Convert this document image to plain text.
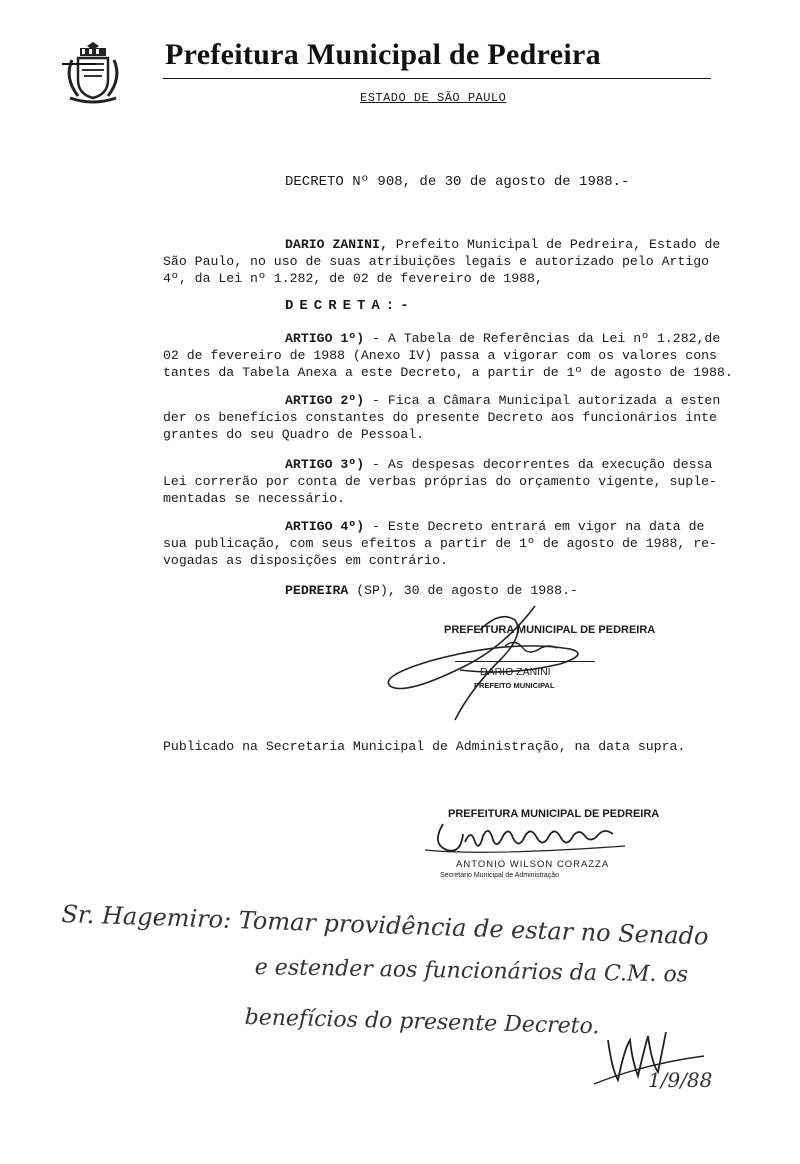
Prefeitura Municipal de Pedreira
ESTADO DE SÃO PAULO
DECRETO Nº 908, de 30 de agosto de 1988.-
DARIO ZANINI, Prefeito Municipal de Pedreira, Estado de
São Paulo, no uso de suas atribuições legais e autorizado pelo Artigo
4º, da Lei nº 1.282, de 02 de fevereiro de 1988,
DECRETA:-
ARTIGO 1º) - A Tabela de Referências da Lei nº 1.282,de
02 de fevereiro de 1988 (Anexo IV) passa a vigorar com os valores cons
tantes da Tabela Anexa a este Decreto, a partir de 1º de agosto de 1988.
ARTIGO 2º) - Fica a Câmara Municipal autorizada a esten
der os benefícios constantes do presente Decreto aos funcionários inte
grantes do seu Quadro de Pessoal.
ARTIGO 3º) - As despesas decorrentes da execução dessa
Lei correrão por conta de verbas próprias do orçamento vigente, suple-
mentadas se necessário.
ARTIGO 4º) - Este Decreto entrará em vigor na data de
sua publicação, com seus efeitos a partir de 1º de agosto de 1988, re-
vogadas as disposições em contrário.
PEDREIRA (SP), 30 de agosto de 1988.-
PREFEITURA MUNICIPAL DE PEDREIRA
DARIO ZANINI
PREFEITO MUNICIPAL
Publicado na Secretaria Municipal de Administração, na data supra.
PREFEITURA MUNICIPAL DE PEDREIRA
ANTONIO WILSON CORAZZA
Secretario Municipal de Administração
Sr. Hagemiro: Tomar providência de estar no Senado
e estender aos funcionários da C.M. os
benefícios do presente Decreto.
1/9/88
